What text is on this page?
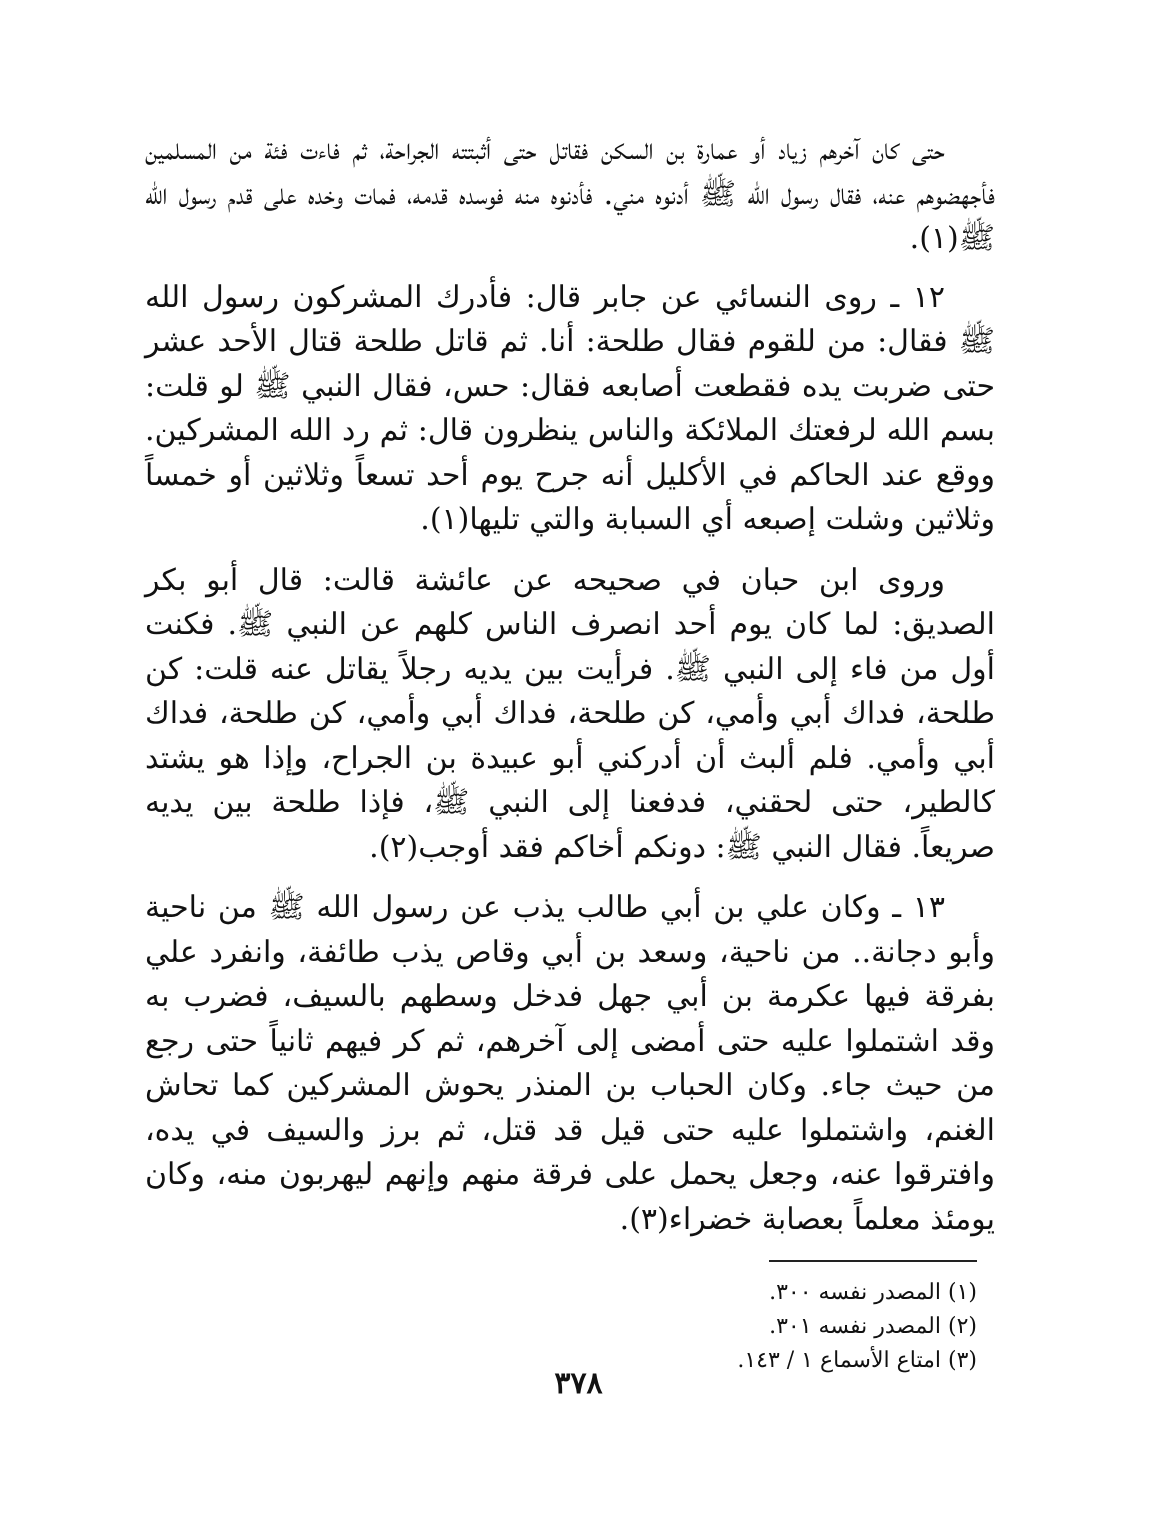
حتى كان آخرهم زياد أو عمارة بن السكن فقاتل حتى أثبتته الجراحة، ثم فاءت فئة من المسلمين فأجهضوهم عنه، فقال رسول الله ﷺ أدنوه مني. فأدنوه منه فوسده قدمه، فمات وخده على قدم رسول الله ﷺ(١).

١٢ ـ روى النسائي عن جابر قال: فأدرك المشركون رسول الله ﷺ فقال: من للقوم فقال طلحة: أنا. ثم قاتل طلحة قتال الأحد عشر حتى ضربت يده فقطعت أصابعه فقال: حس، فقال النبي ﷺ لو قلت: بسم الله لرفعتك الملائكة والناس ينظرون قال: ثم رد الله المشركين. ووقع عند الحاكم في الأكليل أنه جرح يوم أحد تسعاً وثلاثين أو خمساً وثلاثين وشلت إصبعه أي السبابة والتي تليها(١).

وروى ابن حبان في صحيحه عن عائشة قالت: قال أبو بكر الصديق: لما كان يوم أحد انصرف الناس كلهم عن النبي ﷺ. فكنت أول من فاء إلى النبي ﷺ. فرأيت بين يديه رجلاً يقاتل عنه قلت: كن طلحة، فداك أبي وأمي، كن طلحة، فداك أبي وأمي، كن طلحة، فداك أبي وأمي. فلم ألبث أن أدركني أبو عبيدة بن الجراح، وإذا هو يشتد كالطير، حتى لحقني، فدفعنا إلى النبي ﷺ، فإذا طلحة بين يديه صريعاً. فقال النبي ﷺ: دونكم أخاكم فقد أوجب(٢).

١٣ ـ وكان علي بن أبي طالب يذب عن رسول الله ﷺ من ناحية وأبو دجانة.. من ناحية، وسعد بن أبي وقاص يذب طائفة، وانفرد علي بفرقة فيها عكرمة بن أبي جهل فدخل وسطهم بالسيف، فضرب به وقد اشتملوا عليه حتى أمضى إلى آخرهم، ثم كر فيهم ثانياً حتى رجع من حيث جاء. وكان الحباب بن المنذر يحوش المشركين كما تحاش الغنم، واشتملوا عليه حتى قيل قد قتل، ثم برز والسيف في يده، وافترقوا عنه، وجعل يحمل على فرقة منهم وإنهم ليهربون منه، وكان يومئذ معلماً بعصابة خضراء(٣).

(١) المصدر نفسه ٣٠٠.

(٢) المصدر نفسه ٣٠١.

(٣) امتاع الأسماع ١ / ١٤٣.

٣٧٨
